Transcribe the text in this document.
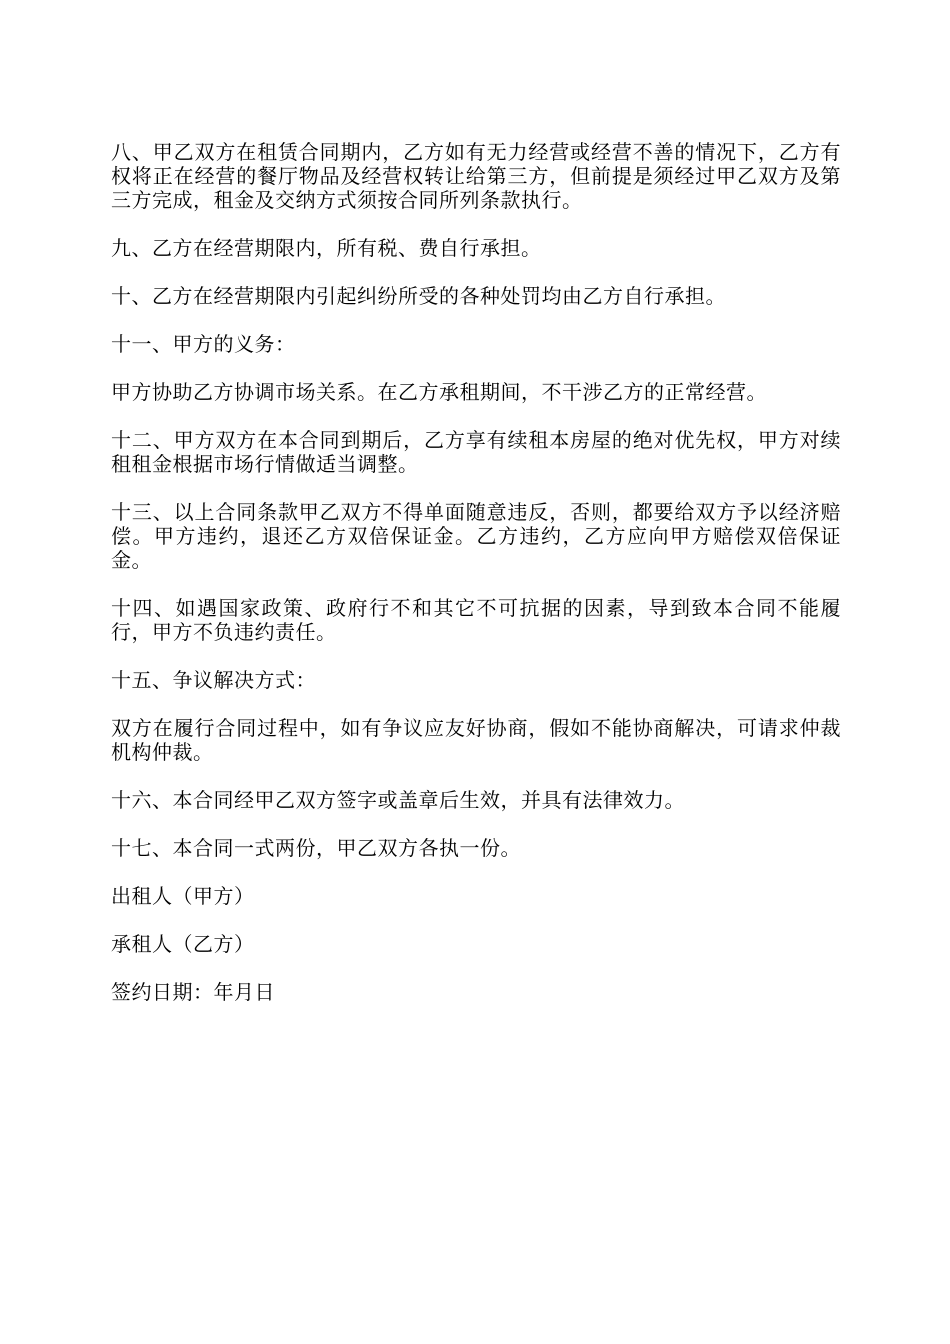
八、甲乙双方在租赁合同期内，乙方如有无力经营或经营不善的情况下，乙方有权将正在经营的餐厅物品及经营权转让给第三方，但前提是须经过甲乙双方及第三方完成，租金及交纳方式须按合同所列条款执行。

九、乙方在经营期限内，所有税、费自行承担。

十、乙方在经营期限内引起纠纷所受的各种处罚均由乙方自行承担。

十一、甲方的义务：

甲方协助乙方协调市场关系。在乙方承租期间，不干涉乙方的正常经营。

十二、甲方双方在本合同到期后，乙方享有续租本房屋的绝对优先权，甲方对续租租金根据市场行情做适当调整。

十三、以上合同条款甲乙双方不得单面随意违反，否则，都要给双方予以经济赔偿。甲方违约，退还乙方双倍保证金。乙方违约，乙方应向甲方赔偿双倍保证金。

十四、如遇国家政策、政府行不和其它不可抗据的因素，导到致本合同不能履行，甲方不负违约责任。

十五、争议解决方式：

双方在履行合同过程中，如有争议应友好协商，假如不能协商解决，可请求仲裁机构仲裁。

十六、本合同经甲乙双方签字或盖章后生效，并具有法律效力。

十七、本合同一式两份，甲乙双方各执一份。

出租人（甲方）

承租人（乙方）

签约日期：年月日
